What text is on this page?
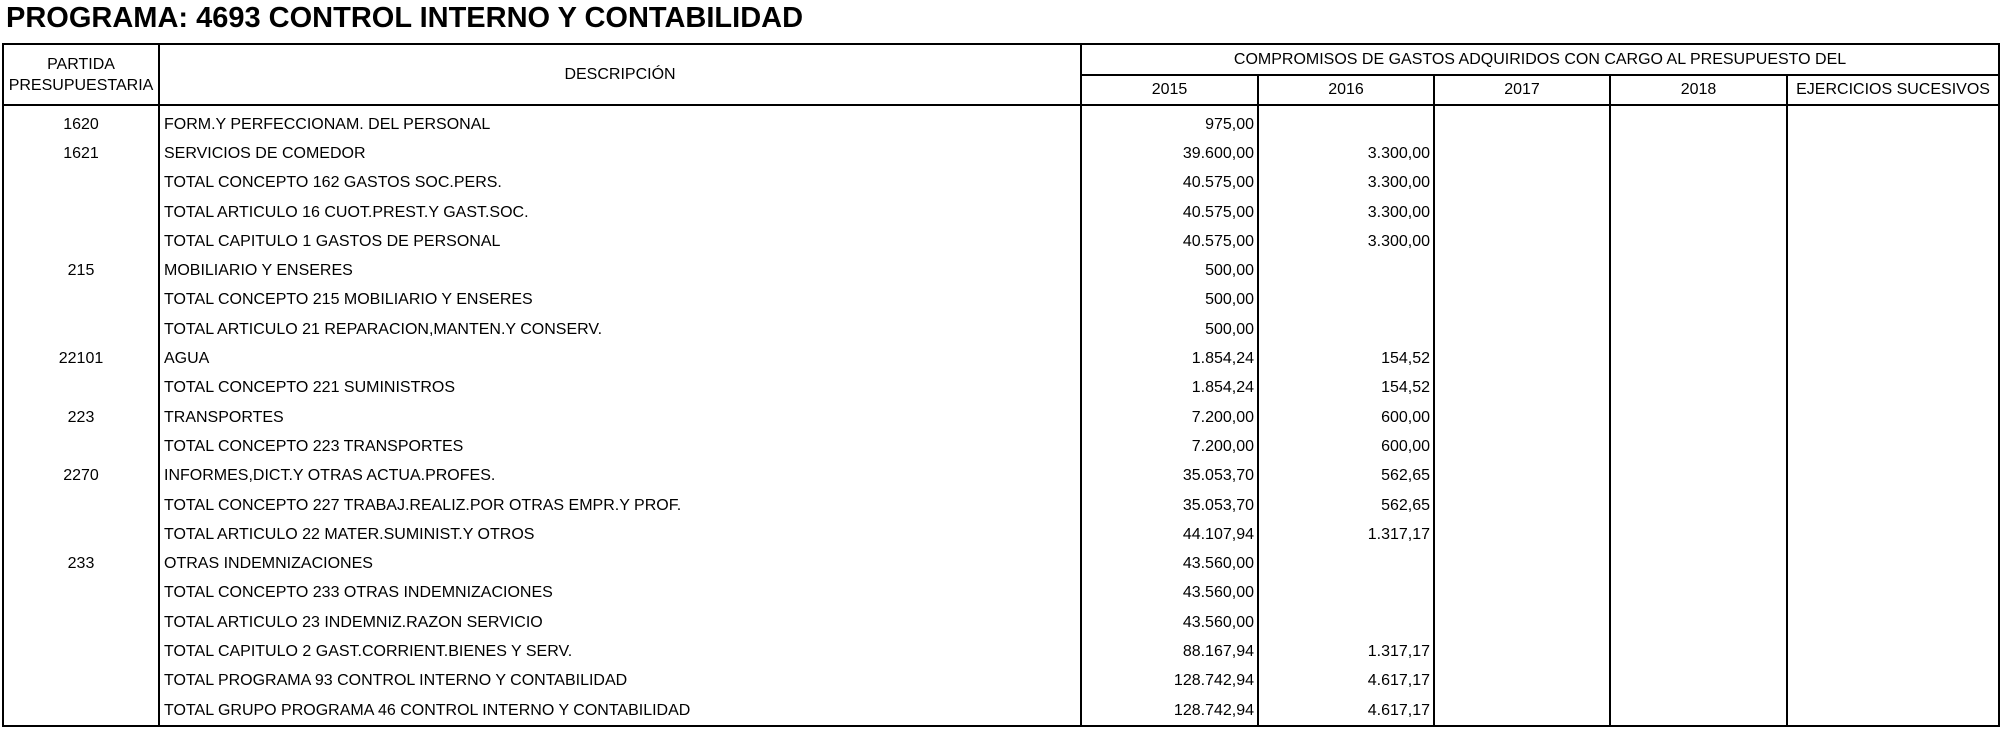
PROGRAMA: 4693 CONTROL INTERNO Y CONTABILIDAD
PARTIDA
PRESUPUESTARIA	DESCRIPCIÓN	COMPROMISOS DE GASTOS ADQUIRIDOS CON CARGO AL PRESUPUESTO DEL				
		2015	2016	2017	2018	EJERCICIOS SUCESIVOS
1620	FORM.Y PERFECCIONAM. DEL PERSONAL	975,00				
1621	SERVICIOS DE COMEDOR	39.600,00	3.300,00			
	TOTAL CONCEPTO 162 GASTOS SOC.PERS.	40.575,00	3.300,00			
	TOTAL ARTICULO 16 CUOT.PREST.Y GAST.SOC.	40.575,00	3.300,00			
	TOTAL CAPITULO 1 GASTOS DE PERSONAL	40.575,00	3.300,00			
215	MOBILIARIO Y ENSERES	500,00				
	TOTAL CONCEPTO 215 MOBILIARIO Y ENSERES	500,00				
	TOTAL ARTICULO 21 REPARACION,MANTEN.Y CONSERV.	500,00				
22101	AGUA	1.854,24	154,52			
	TOTAL CONCEPTO 221 SUMINISTROS	1.854,24	154,52			
223	TRANSPORTES	7.200,00	600,00			
	TOTAL CONCEPTO 223 TRANSPORTES	7.200,00	600,00			
2270	INFORMES,DICT.Y OTRAS ACTUA.PROFES.	35.053,70	562,65			
	TOTAL CONCEPTO 227 TRABAJ.REALIZ.POR OTRAS EMPR.Y PROF.	35.053,70	562,65			
	TOTAL ARTICULO 22 MATER.SUMINIST.Y OTROS	44.107,94	1.317,17			
233	OTRAS INDEMNIZACIONES	43.560,00				
	TOTAL CONCEPTO 233 OTRAS INDEMNIZACIONES	43.560,00				
	TOTAL ARTICULO 23 INDEMNIZ.RAZON SERVICIO	43.560,00				
	TOTAL CAPITULO 2 GAST.CORRIENT.BIENES Y SERV.	88.167,94	1.317,17			
	TOTAL PROGRAMA 93 CONTROL INTERNO Y CONTABILIDAD	128.742,94	4.617,17			
	TOTAL GRUPO PROGRAMA 46 CONTROL INTERNO Y CONTABILIDAD	128.742,94	4.617,17			
